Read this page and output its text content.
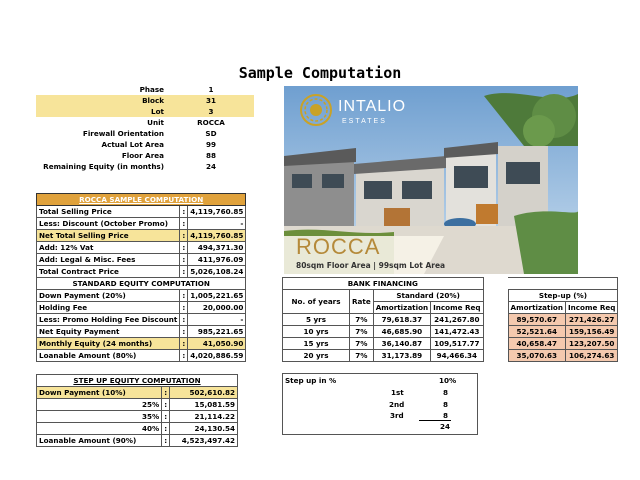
Sample Computation
Phase	1
Block	31
Lot	3
Unit	ROCCA
Firewall Orientation	SD
Actual Lot Area	99
Floor Area	88
Remaining Equity (in months)	24
ROCCA SAMPLE COMPUTATION		
Total Selling Price	:	4,119,760.85
Less: Discount (October Promo)	:	-
Net Total Selling Price	:	4,119,760.85
Add: 12% Vat	:	494,371.30
Add: Legal & Misc. Fees	:	411,976.09
Total Contract Price	:	5,026,108.24
STANDARD EQUITY COMPUTATION		
Down Payment (20%)	:	1,005,221.65
Holding Fee	:	20,000.00
Less: Promo Holding Fee Discount	:	-
Net Equity Payment	:	985,221.65
Monthly Equity (24 months)	:	41,050.90
Loanable Amount (80%)	:	4,020,886.59
STEP UP EQUITY COMPUTATION		
Down Payment (10%)	:	502,610.82
25%	:	15,081.59
35%	:	21,114.22
40%	:	24,130.54
Loanable Amount (90%)	:	4,523,497.42
INTALIO
ESTATES
ROCCA
80sqm Floor Area | 99sqm Lot Area
BANK FINANCING						
No. of years	Rate	Standard (20%)			Step-up (%)	
		Amortization	Income Req		Amortization	Income Req
5 yrs	7%	79,618.37	241,267.80		89,570.67	271,426.27
10 yrs	7%	46,685.90	141,472.43		52,521.64	159,156.49
15 yrs	7%	36,140.87	109,517.77		40,658.47	123,207.50
20 yrs	7%	31,173.89	94,466.34		35,070.63	106,274.63
Step up in %	10%
1st	8
2nd	8
3rd	8
24
